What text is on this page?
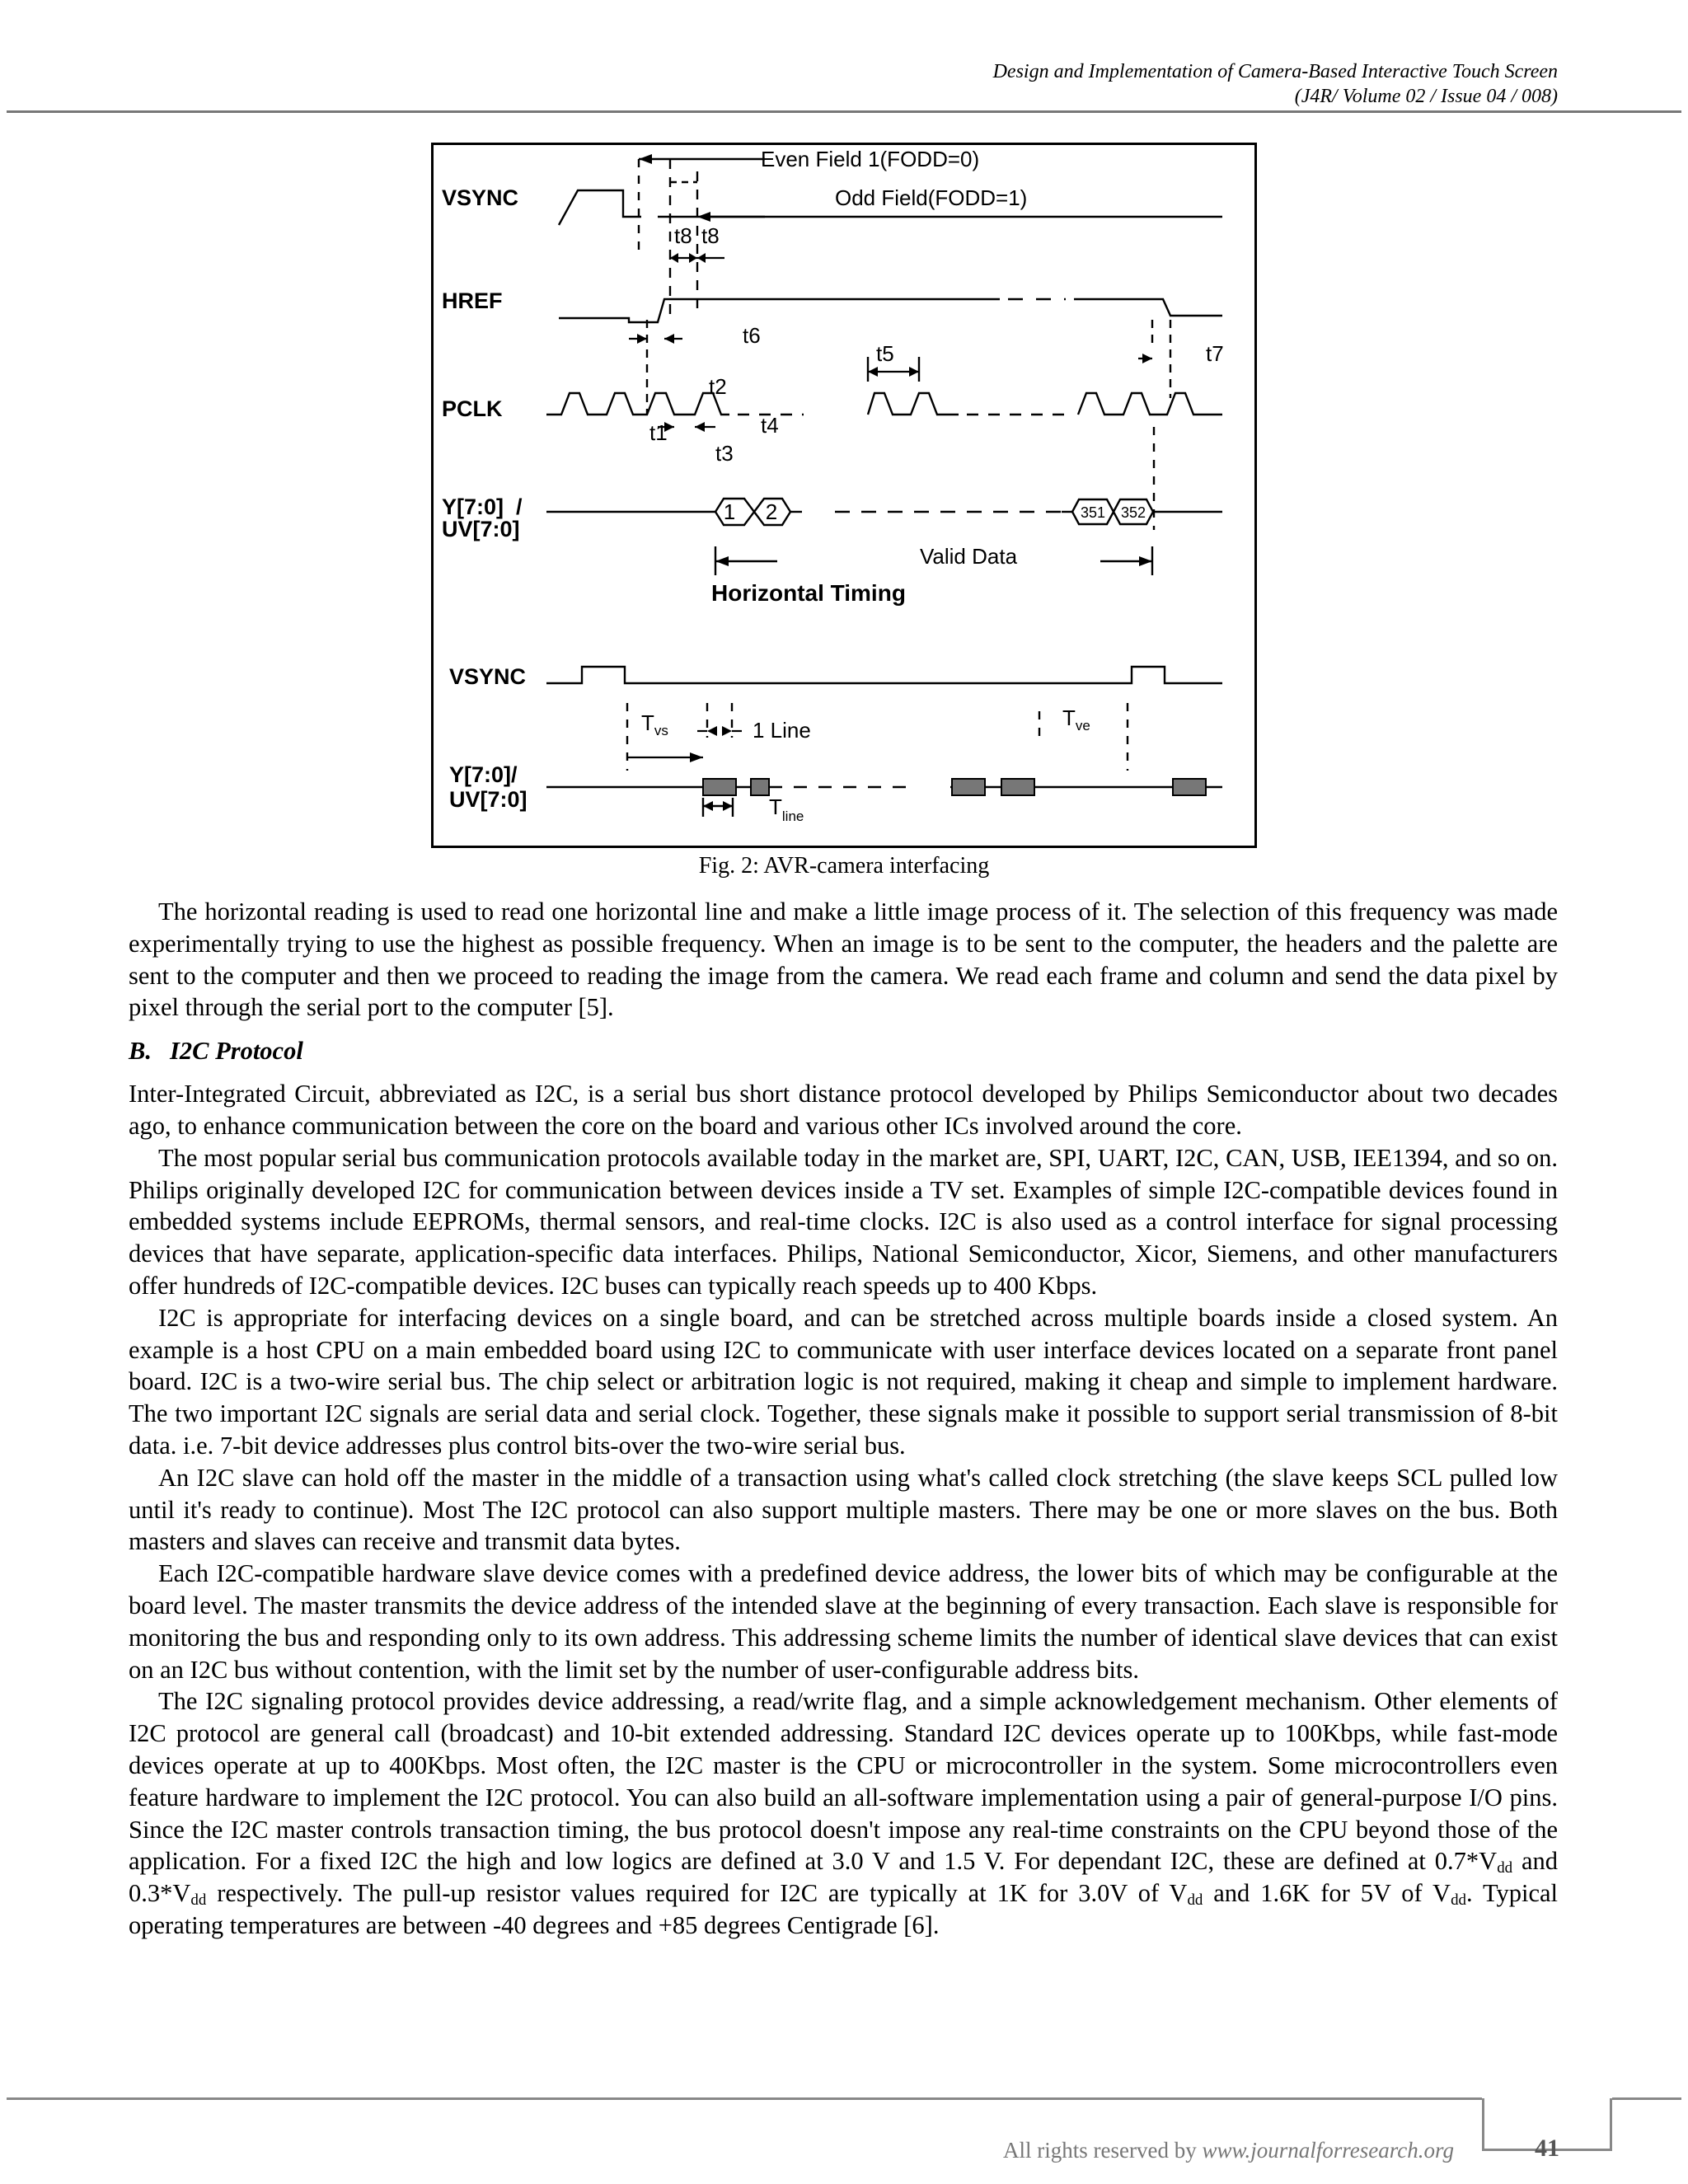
Design and Implementation of Camera-Based Interactive Touch Screen
(J4R/ Volume 02 / Issue 04 / 008)
VSYNC
HREF
PCLK
Y[7:0]  /
UV[7:0]
VSYNC
Y[7:0]/
UV[7:0]
Even Field 1(FODD=0)
Odd Field(FODD=1)
t8 t8
t6
t5	t7
t2
t1
t3
t4
1 2	351 352
Valid Data
Horizontal Timing
$T_{vs}$	1 Line	$T_{ve}$
$T_{line}$
Fig. 2: AVR-camera interfacing

The horizontal reading is used to read one horizontal line and make a little image process of it. The selection of this frequency was made experimentally trying to use the highest as possible frequency. When an image is to be sent to the computer, the headers and the palette are sent to the computer and then we proceed to reading the image from the camera. We read each frame and column and send the data pixel by pixel through the serial port to the computer [5].

B. I2C Protocol

Inter-Integrated Circuit, abbreviated as I2C, is a serial bus short distance protocol developed by Philips Semiconductor about two decades ago, to enhance communication between the core on the board and various other ICs involved around the core.

The most popular serial bus communication protocols available today in the market are, SPI, UART, I2C, CAN, USB, IEE1394, and so on. Philips originally developed I2C for communication between devices inside a TV set. Examples of simple I2C-compatible devices found in embedded systems include EEPROMs, thermal sensors, and real-time clocks. I2C is also used as a control interface for signal processing devices that have separate, application-specific data interfaces. Philips, National Semiconductor, Xicor, Siemens, and other manufacturers offer hundreds of I2C-compatible devices. I2C buses can typically reach speeds up to 400 Kbps.

I2C is appropriate for interfacing devices on a single board, and can be stretched across multiple boards inside a closed system. An example is a host CPU on a main embedded board using I2C to communicate with user interface devices located on a separate front panel board. I2C is a two-wire serial bus. The chip select or arbitration logic is not required, making it cheap and simple to implement hardware. The two important I2C signals are serial data and serial clock. Together, these signals make it possible to support serial transmission of 8-bit data. i.e. 7-bit device addresses plus control bits-over the two-wire serial bus.

An I2C slave can hold off the master in the middle of a transaction using what's called clock stretching (the slave keeps SCL pulled low until it's ready to continue). Most The I2C protocol can also support multiple masters. There may be one or more slaves on the bus. Both masters and slaves can receive and transmit data bytes.

Each I2C-compatible hardware slave device comes with a predefined device address, the lower bits of which may be configurable at the board level. The master transmits the device address of the intended slave at the beginning of every transaction. Each slave is responsible for monitoring the bus and responding only to its own address. This addressing scheme limits the number of identical slave devices that can exist on an I2C bus without contention, with the limit set by the number of user-configurable address bits.

The I2C signaling protocol provides device addressing, a read/write flag, and a simple acknowledgement mechanism. Other elements of I2C protocol are general call (broadcast) and 10-bit extended addressing. Standard I2C devices operate up to 100Kbps, while fast-mode devices operate at up to 400Kbps. Most often, the I2C master is the CPU or microcontroller in the system. Some microcontrollers even feature hardware to implement the I2C protocol. You can also build an all-software implementation using a pair of general-purpose I/O pins. Since the I2C master controls transaction timing, the bus protocol doesn't impose any real-time constraints on the CPU beyond those of the application. For a fixed I2C the high and low logics are defined at 3.0 V and 1.5 V. For dependant I2C, these are defined at $0.7*V_{dd}$ and $0.3*V_{dd}$ respectively. The pull-up resistor values required for I2C are typically at 1K for 3.0V of $V_{dd}$ and 1.6K for 5V of $V_{dd}$. Typical operating temperatures are between -40 degrees and +85 degrees Centigrade [6].

All rights reserved by www.journalforresearch.org	41
